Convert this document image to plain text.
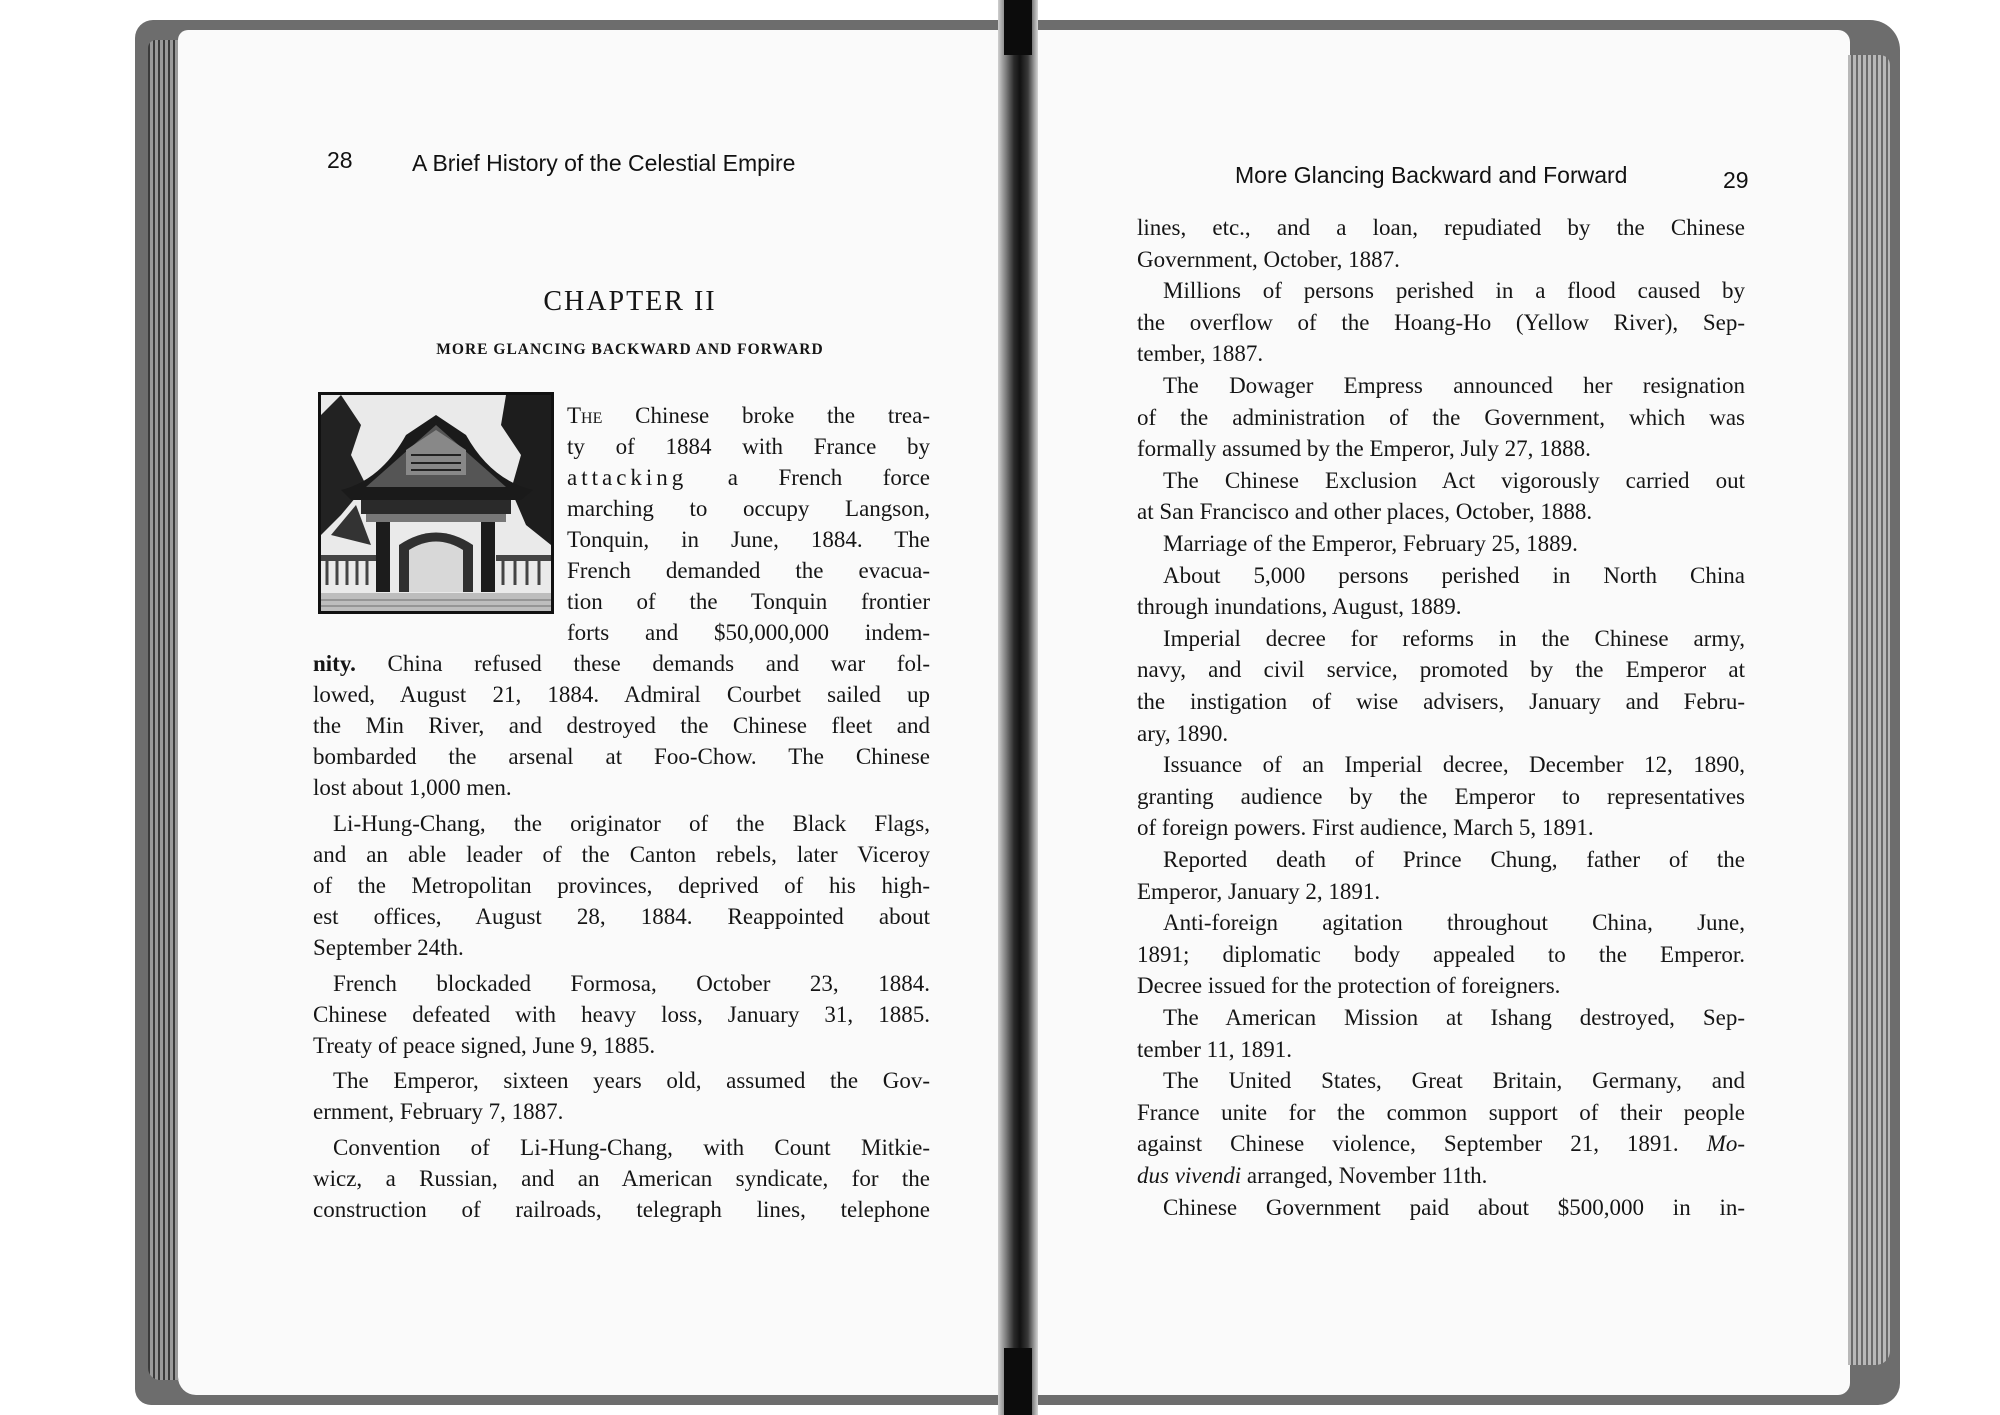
28	A Brief History of the Celestial Empire
CHAPTER II
MORE GLANCING BACKWARD AND FORWARD
The Chinese broke the trea-
ty of 1884 with France by
attacking a French force
marching to occupy Langson,
Tonquin, in June, 1884. The
French demanded the evacua-
tion of the Tonquin frontier
forts and $50,000,000 indem-
nity. China refused these demands and war fol-
lowed, August 21, 1884. Admiral Courbet sailed up
the Min River, and destroyed the Chinese fleet and
bombarded the arsenal at Foo-Chow. The Chinese
lost about 1,000 men.
Li-Hung-Chang, the originator of the Black Flags,
and an able leader of the Canton rebels, later Viceroy
of the Metropolitan provinces, deprived of his high-
est offices, August 28, 1884. Reappointed about
September 24th.
French blockaded Formosa, October 23, 1884.
Chinese defeated with heavy loss, January 31, 1885.
Treaty of peace signed, June 9, 1885.
The Emperor, sixteen years old, assumed the Gov-
ernment, February 7, 1887.
Convention of Li-Hung-Chang, with Count Mitkie-
wicz, a Russian, and an American syndicate, for the
construction of railroads, telegraph lines, telephone
More Glancing Backward and Forward	29
lines, etc., and a loan, repudiated by the Chinese
Government, October, 1887.
Millions of persons perished in a flood caused by
the overflow of the Hoang-Ho (Yellow River), Sep-
tember, 1887.
The Dowager Empress announced her resignation
of the administration of the Government, which was
formally assumed by the Emperor, July 27, 1888.
The Chinese Exclusion Act vigorously carried out
at San Francisco and other places, October, 1888.
Marriage of the Emperor, February 25, 1889.
About 5,000 persons perished in North China
through inundations, August, 1889.
Imperial decree for reforms in the Chinese army,
navy, and civil service, promoted by the Emperor at
the instigation of wise advisers, January and Febru-
ary, 1890.
Issuance of an Imperial decree, December 12, 1890,
granting audience by the Emperor to representatives
of foreign powers. First audience, March 5, 1891.
Reported death of Prince Chung, father of the
Emperor, January 2, 1891.
Anti-foreign agitation throughout China, June,
1891; diplomatic body appealed to the Emperor.
Decree issued for the protection of foreigners.
The American Mission at Ishang destroyed, Sep-
tember 11, 1891.
The United States, Great Britain, Germany, and
France unite for the common support of their people
against Chinese violence, September 21, 1891. Mo-
dus vivendi arranged, November 11th.
Chinese Government paid about $500,000 in in-
